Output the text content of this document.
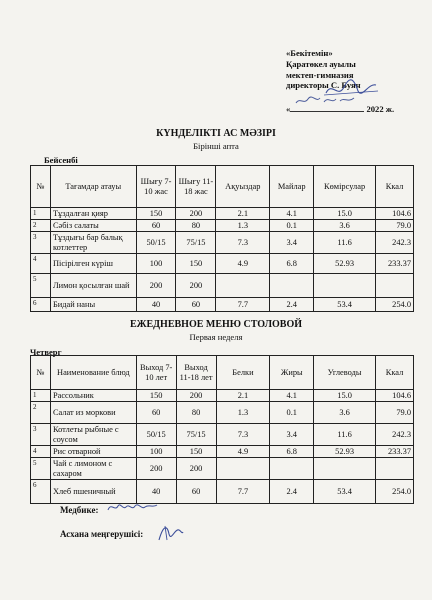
«Бекітемін»
Қаратөкел ауылы
мектеп-гимназия
директоры С. Буян
«	2022 ж.
КҮНДЕЛІКТІ АС МӘЗІРІ
Бірінші апта
Бейсенбі
№	Тағамдар атауы	Шығу 7-10 жас	Шығу 11-18 жас	Ақуыздар	Майлар	Көмірсулар	Ккал
1	Тұздалған қияр	150	200	2.1	4.1	15.0	104.6
2	Сәбіз салаты	60	80	1.3	0.1	3.6	79.0
3	Тұздығы бар балық котлеттер	50/15	75/15	7.3	3.4	11.6	242.3
4	Пісірілген күріш	100	150	4.9	6.8	52.93	233.37
5	Лимон қосылған шай	200	200				
6	Бидай наны	40	60	7.7	2.4	53.4	254.0
ЕЖЕДНЕВНОЕ МЕНЮ СТОЛОВОЙ
Первая неделя
Четверг
№	Наименование блюд	Выход 7-10 лет	Выход 11-18 лет	Белки	Жиры	Углеводы	Ккал
1	Рассольник	150	200	2.1	4.1	15.0	104.6
2	Салат из моркови	60	80	1.3	0.1	3.6	79.0
3	Котлеты рыбные с соусом	50/15	75/15	7.3	3.4	11.6	242.3
4	Рис отварной	100	150	4.9	6.8	52.93	233.37
5	Чай с лимоном с сахаром	200	200				
6	Хлеб пшеничный	40	60	7.7	2.4	53.4	254.0
Медбике:
Асхана меңгерушісі:
